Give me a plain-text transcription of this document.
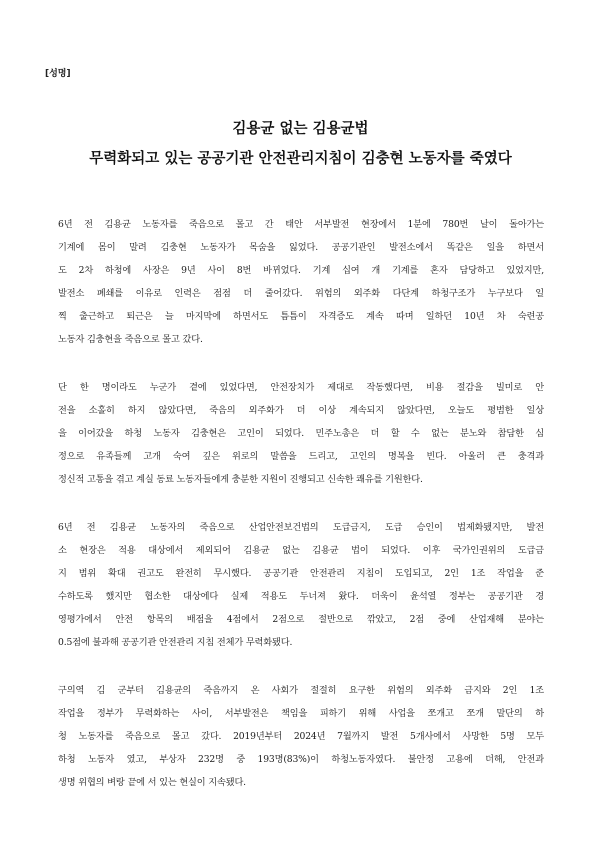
[성명]
김용균 없는 김용균법
무력화되고 있는 공공기관 안전관리지침이 김충현 노동자를 죽였다

6년 전 김용균 노동자를 죽음으로 몰고 간 태안 서부발전 현장에서 1분에 780번 날이 돌아가는
기계에 몸이 말려 김충현 노동자가 목숨을 잃었다. 공공기관인 발전소에서 똑같은 일을 하면서
도 2차 하청에 사장은 9년 사이 8번 바뀌었다. 기계 십여 개 기계를 혼자 담당하고 있었지만,
발전소 폐쇄를 이유로 인력은 점점 더 줄어갔다. 위험의 외주화 다단계 하청구조가 누구보다 일
찍 출근하고 퇴근은 늘 마지막에 하면서도 틈틈이 자격증도 계속 따며 일하던 10년 차 숙련공
노동자 김충현을 죽음으로 몰고 갔다.

단 한 명이라도 누군가 곁에 있었다면, 안전장치가 제대로 작동했다면, 비용 절감을 빌미로 안
전을 소홀히 하지 않았다면, 죽음의 외주화가 더 이상 계속되지 않았다면, 오늘도 평범한 일상
을 이어갔을 하청 노동자 김충현은 고인이 되었다. 민주노총은 더 할 수 없는 분노와 참담한 심
정으로 유족들께 고개 숙여 깊은 위로의 말씀을 드리고, 고인의 명복을 빈다. 아울러 큰 충격과
정신적 고통을 겪고 계실 동료 노동자들에게 충분한 지원이 진행되고 신속한 쾌유를 기원한다.

6년 전 김용균 노동자의 죽음으로 산업안전보건법의 도급금지, 도급 승인이 법제화됐지만, 발전
소 현장은 적용 대상에서 제외되어 김용균 없는 김용균 법이 되었다. 이후 국가인권위의 도급금
지 범위 확대 권고도 완전히 무시했다. 공공기관 안전관리 지침이 도입되고, 2인 1조 작업을 준
수하도록 했지만 협소한 대상에다 실제 적용도 두너져 왔다. 더욱이 윤석열 정부는 공공기관 경
영평가에서 안전 항목의 배점을 4점에서 2점으로 절반으로 깎았고, 2점 중에 산업재해 분야는
0.5점에 불과해 공공기관 안전관리 지침 전체가 무력화됐다.

구의역 김 군부터 김용균의 죽음까지 온 사회가 절절히 요구한 위험의 외주화 금지와 2인 1조
작업을 정부가 무력화하는 사이, 서부발전은 책임을 피하기 위해 사업을 쪼개고 쪼개 말단의 하
청 노동자를 죽음으로 몰고 갔다. 2019년부터 2024년 7월까지 발전 5개사에서 사망한 5명 모두
하청 노동자 였고, 부상자 232명 중 193명(83%)이 하청노동자였다. 불안정 고용에 더해, 안전과
생명 위협의 벼랑 끝에 서 있는 현실이 지속됐다.
